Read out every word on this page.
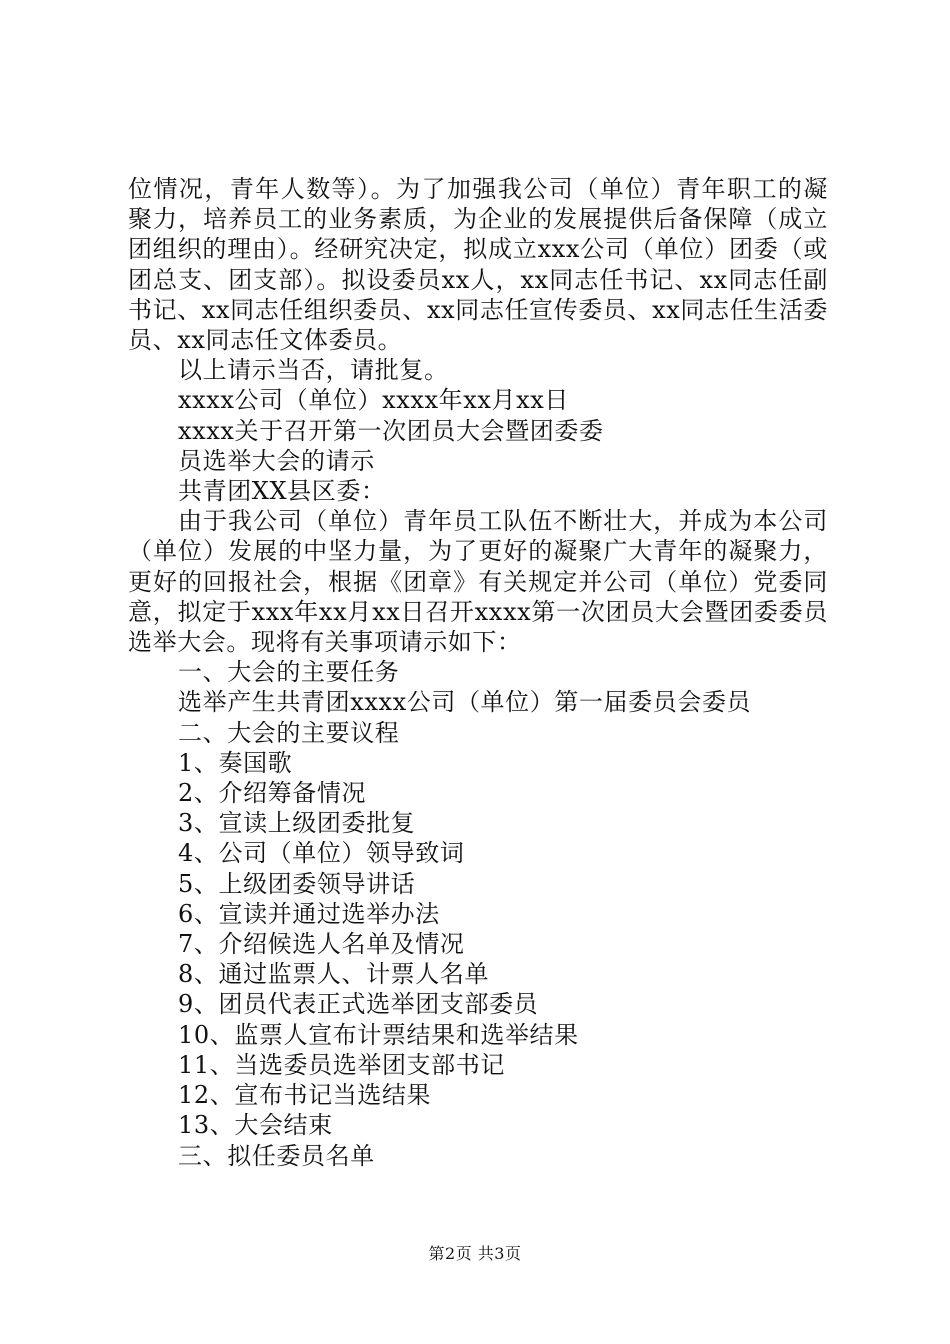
位情况，青年人数等）。为了加强我公司（单位）青年职工的凝聚力，培养员工的业务素质，为企业的发展提供后备保障（成立团组织的理由）。经研究决定，拟成立xxx公司（单位）团委（或团总支、团支部）。拟设委员xx人，xx同志任书记、xx同志任副书记、xx同志任组织委员、xx同志任宣传委员、xx同志任生活委员、xx同志任文体委员。

以上请示当否，请批复。

xxxx公司（单位）xxxx年xx月xx日

xxxx关于召开第一次团员大会暨团委委

员选举大会的请示

共青团XX县区委：

由于我公司（单位）青年员工队伍不断壮大，并成为本公司（单位）发展的中坚力量，为了更好的凝聚广大青年的凝聚力，更好的回报社会，根据《团章》有关规定并公司（单位）党委同意，拟定于xxx年xx月xx日召开xxxx第一次团员大会暨团委委员选举大会。现将有关事项请示如下：

一、大会的主要任务

选举产生共青团xxxx公司（单位）第一届委员会委员

二、大会的主要议程

1、奏国歌

2、介绍筹备情况

3、宣读上级团委批复

4、公司（单位）领导致词

5、上级团委领导讲话

6、宣读并通过选举办法

7、介绍候选人名单及情况

8、通过监票人、计票人名单

9、团员代表正式选举团支部委员

10、监票人宣布计票结果和选举结果

11、当选委员选举团支部书记

12、宣布书记当选结果

13、大会结束

三、拟任委员名单

第2页 共3页
